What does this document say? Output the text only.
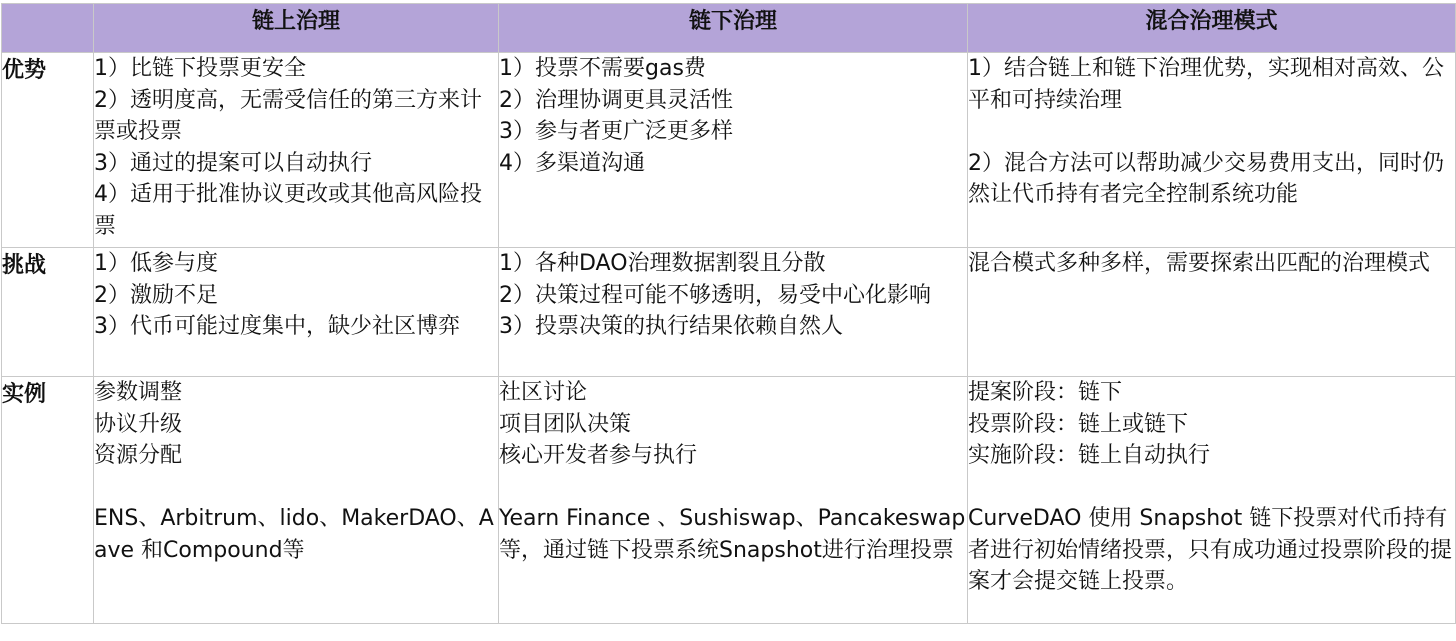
	链上治理	链下治理	混合治理模式
优势	1）比链下投票更安全
2）透明度高，无需受信任的第三方来计票或投票
3）通过的提案可以自动执行
4）适用于批准协议更改或其他高风险投票	1）投票不需要gas费
2）治理协调更具灵活性
3）参与者更广泛更多样
4）多渠道沟通	1）结合链上和链下治理优势，实现相对高效、公平和可持续治理
2）混合方法可以帮助减少交易费用支出，同时仍然让代币持有者完全控制系统功能

挑战	1）低参与度
2）激励不足
3）代币可能过度集中，缺少社区博弈	1）各种DAO治理数据割裂且分散
2）决策过程可能不够透明，易受中心化影响
3）投票决策的执行结果依赖自然人	混合模式多种多样，需要探索出匹配的治理模式

实例	参数调整
协议升级
资源分配
ENS、Arbitrum、lido、MakerDAO、Aave 和Compound等	社区讨论
项目团队决策
核心开发者参与执行
Yearn Finance 、Sushiswap、Pancakeswap等，通过链下投票系统Snapshot进行治理投票	提案阶段：链下
投票阶段：链上或链下
实施阶段：链上自动执行
CurveDAO 使用 Snapshot 链下投票对代币持有者进行初始情绪投票，只有成功通过投票阶段的提案才会提交链上投票。
